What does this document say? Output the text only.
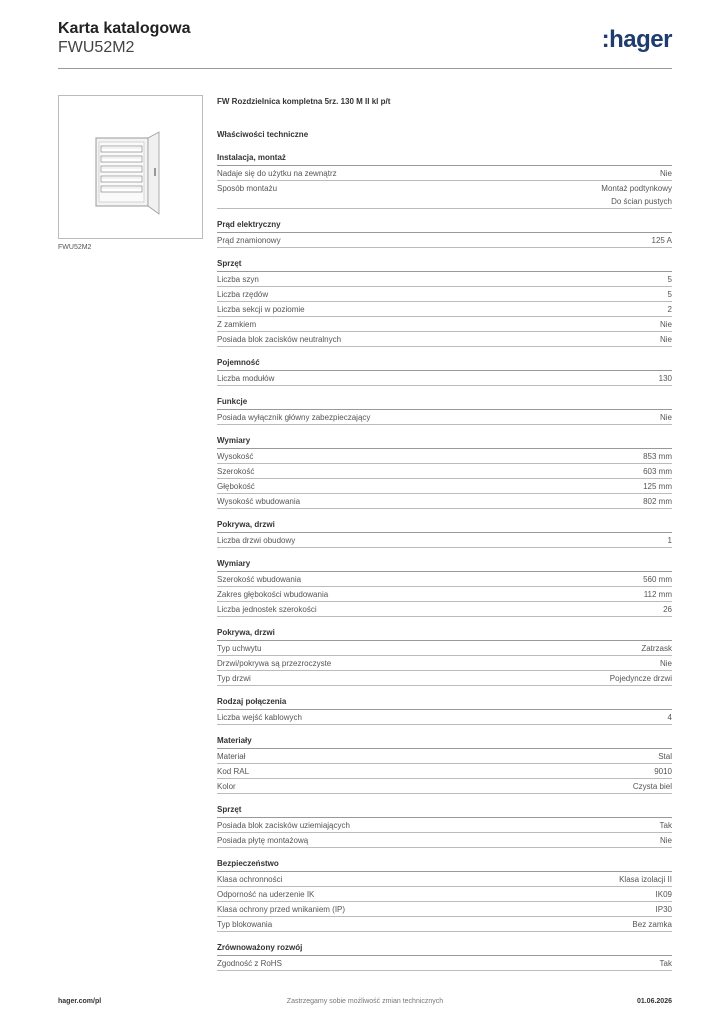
Karta katalogowa
FWU52M2	:hager
FWU52M2
FW Rozdzielnica kompletna 5rz. 130 M II kl p/t
Właściwości techniczne
Instalacja, montaż
Nadaje się do użytku na zewnątrz	Nie
Sposób montażu	Montaż podtynkowy
Do ścian pustych
Prąd elektryczny
Prąd znamionowy	125 A
Sprzęt
Liczba szyn	5
Liczba rzędów	5
Liczba sekcji w poziomie	2
Z zamkiem	Nie
Posiada blok zacisków neutralnych	Nie
Pojemność
Liczba modułów	130
Funkcje
Posiada wyłącznik główny zabezpieczający	Nie
Wymiary
Wysokość	853 mm
Szerokość	603 mm
Głębokość	125 mm
Wysokość wbudowania	802 mm
Pokrywa, drzwi
Liczba drzwi obudowy	1
Wymiary
Szerokość wbudowania	560 mm
Zakres głębokości wbudowania	112 mm
Liczba jednostek szerokości	26
Pokrywa, drzwi
Typ uchwytu	Zatrzask
Drzwi/pokrywa są przezroczyste	Nie
Typ drzwi	Pojedyncze drzwi
Rodzaj połączenia
Liczba wejść kablowych	4
Materiały
Materiał	Stal
Kod RAL	9010
Kolor	Czysta biel
Sprzęt
Posiada blok zacisków uziemiających	Tak
Posiada płytę montażową	Nie
Bezpieczeństwo
Klasa ochronności	Klasa izolacji II
Odporność na uderzenie IK	IK09
Klasa ochrony przed wnikaniem (IP)	IP30
Typ blokowania	Bez zamka
Zrównoważony rozwój
Zgodność z RoHS	Tak
hager.com/pl	Zastrzegamy sobie możliwość zmian technicznych	01.06.2026
